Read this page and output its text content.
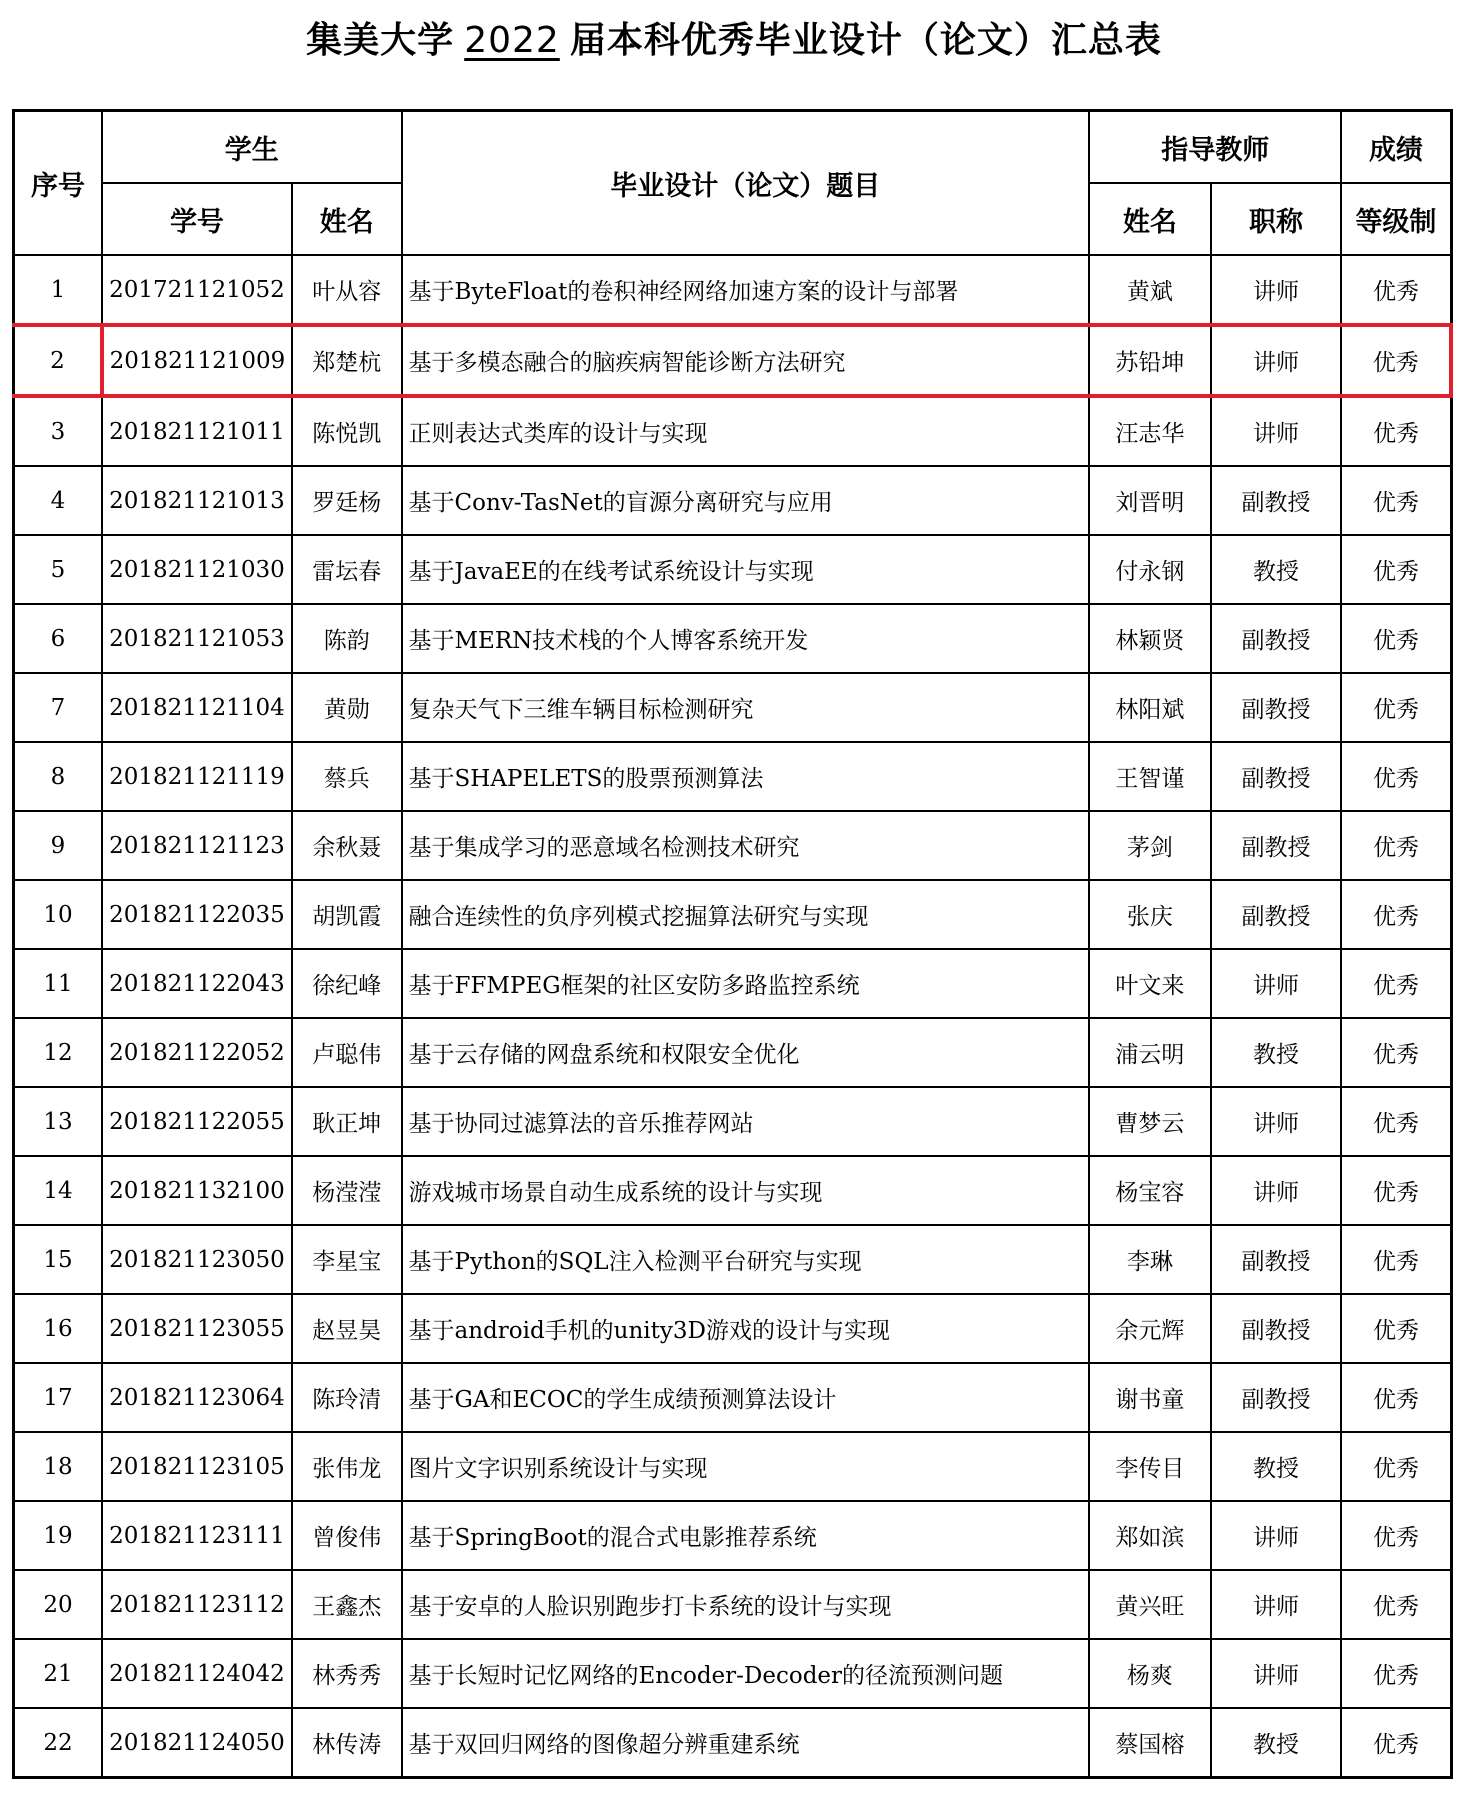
集美大学 2022 届本科优秀毕业设计（论文）汇总表
序号	学生		毕业设计（论文）题目	指导教师		成绩
	学号	姓名		姓名	职称	等级制
1	201721121052	叶从容	基于ByteFloat的卷积神经网络加速方案的设计与部署	黄斌	讲师	优秀
2	201821121009	郑楚杭	基于多模态融合的脑疾病智能诊断方法研究	苏铅坤	讲师	优秀
3	201821121011	陈悦凯	正则表达式类库的设计与实现	汪志华	讲师	优秀
4	201821121013	罗廷杨	基于Conv-TasNet的盲源分离研究与应用	刘晋明	副教授	优秀
5	201821121030	雷坛春	基于JavaEE的在线考试系统设计与实现	付永钢	教授	优秀
6	201821121053	陈韵	基于MERN技术栈的个人博客系统开发	林颖贤	副教授	优秀
7	201821121104	黄勋	复杂天气下三维车辆目标检测研究	林阳斌	副教授	优秀
8	201821121119	蔡兵	基于SHAPELETS的股票预测算法	王智谨	副教授	优秀
9	201821121123	余秋聂	基于集成学习的恶意域名检测技术研究	茅剑	副教授	优秀
10	201821122035	胡凯霞	融合连续性的负序列模式挖掘算法研究与实现	张庆	副教授	优秀
11	201821122043	徐纪峰	基于FFMPEG框架的社区安防多路监控系统	叶文来	讲师	优秀
12	201821122052	卢聪伟	基于云存储的网盘系统和权限安全优化	浦云明	教授	优秀
13	201821122055	耿正坤	基于协同过滤算法的音乐推荐网站	曹梦云	讲师	优秀
14	201821132100	杨滢滢	游戏城市场景自动生成系统的设计与实现	杨宝容	讲师	优秀
15	201821123050	李星宝	基于Python的SQL注入检测平台研究与实现	李琳	副教授	优秀
16	201821123055	赵昱昊	基于android手机的unity3D游戏的设计与实现	余元辉	副教授	优秀
17	201821123064	陈玲清	基于GA和ECOC的学生成绩预测算法设计	谢书童	副教授	优秀
18	201821123105	张伟龙	图片文字识别系统设计与实现	李传目	教授	优秀
19	201821123111	曾俊伟	基于SpringBoot的混合式电影推荐系统	郑如滨	讲师	优秀
20	201821123112	王鑫杰	基于安卓的人脸识别跑步打卡系统的设计与实现	黄兴旺	讲师	优秀
21	201821124042	林秀秀	基于长短时记忆网络的Encoder-Decoder的径流预测问题	杨爽	讲师	优秀
22	201821124050	林传涛	基于双回归网络的图像超分辨重建系统	蔡国榕	教授	优秀
